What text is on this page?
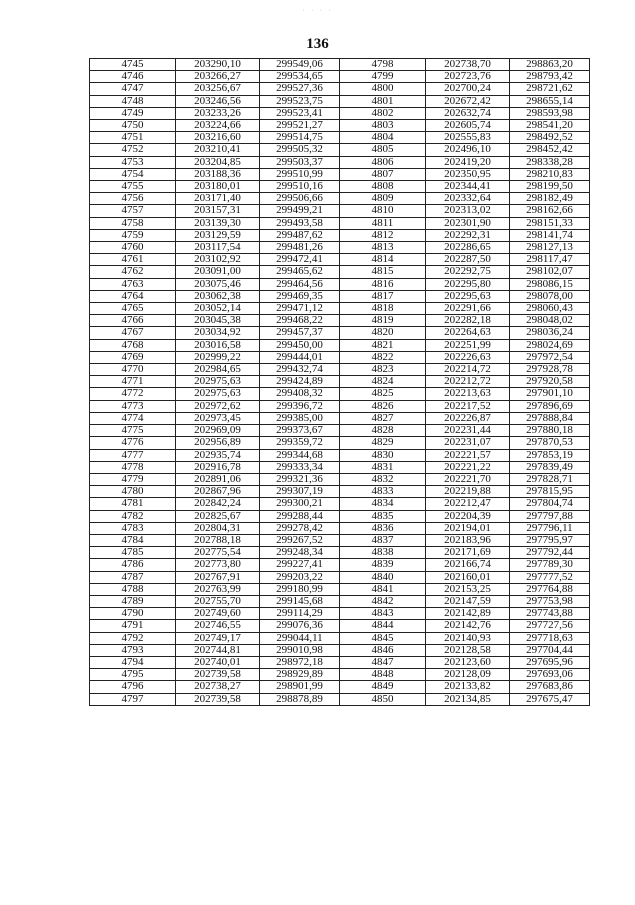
· · · ·
136
4745	203290,10	299549,06	4798	202738,70	298863,20
4746	203266,27	299534,65	4799	202723,76	298793,42
4747	203256,67	299527,36	4800	202700,24	298721,62
4748	203246,56	299523,75	4801	202672,42	298655,14
4749	203233,26	299523,41	4802	202632,74	298593,98
4750	203224,66	299521,27	4803	202605,74	298541,20
4751	203216,60	299514,75	4804	202555,83	298492,52
4752	203210,41	299505,32	4805	202496,10	298452,42
4753	203204,85	299503,37	4806	202419,20	298338,28
4754	203188,36	299510,99	4807	202350,95	298210,83
4755	203180,01	299510,16	4808	202344,41	298199,50
4756	203171,40	299506,66	4809	202332,64	298182,49
4757	203157,31	299499,21	4810	202313,02	298162,66
4758	203139,30	299493,58	4811	202301,90	298151,33
4759	203129,59	299487,62	4812	202292,31	298141,74
4760	203117,54	299481,26	4813	202286,65	298127,13
4761	203102,92	299472,41	4814	202287,50	298117,47
4762	203091,00	299465,62	4815	202292,75	298102,07
4763	203075,46	299464,56	4816	202295,80	298086,15
4764	203062,38	299469,35	4817	202295,63	298078,00
4765	203052,14	299471,12	4818	202291,66	298060,43
4766	203045,38	299468,22	4819	202282,18	298048,02
4767	203034,92	299457,37	4820	202264,63	298036,24
4768	203016,58	299450,00	4821	202251,99	298024,69
4769	202999,22	299444,01	4822	202226,63	297972,54
4770	202984,65	299432,74	4823	202214,72	297928,78
4771	202975,63	299424,89	4824	202212,72	297920,58
4772	202975,63	299408,32	4825	202213,63	297901,10
4773	202972,62	299396,72	4826	202217,52	297896,69
4774	202973,45	299385,00	4827	202226,87	297888,84
4775	202969,09	299373,67	4828	202231,44	297880,18
4776	202956,89	299359,72	4829	202231,07	297870,53
4777	202935,74	299344,68	4830	202221,57	297853,19
4778	202916,78	299333,34	4831	202221,22	297839,49
4779	202891,06	299321,36	4832	202221,70	297828,71
4780	202867,96	299307,19	4833	202219,88	297815,95
4781	202842,24	299300,21	4834	202212,47	297804,74
4782	202825,67	299288,44	4835	202204,39	297797,88
4783	202804,31	299278,42	4836	202194,01	297796,11
4784	202788,18	299267,52	4837	202183,96	297795,97
4785	202775,54	299248,34	4838	202171,69	297792,44
4786	202773,80	299227,41	4839	202166,74	297789,30
4787	202767,91	299203,22	4840	202160,01	297777,52
4788	202763,99	299180,99	4841	202153,25	297764,88
4789	202755,70	299145,68	4842	202147,59	297753,98
4790	202749,60	299114,29	4843	202142,89	297743,88
4791	202746,55	299076,36	4844	202142,76	297727,56
4792	202749,17	299044,11	4845	202140,93	297718,63
4793	202744,81	299010,98	4846	202128,58	297704,44
4794	202740,01	298972,18	4847	202123,60	297695,96
4795	202739,58	298929,89	4848	202128,09	297693,06
4796	202738,27	298901,99	4849	202133,82	297683,86
4797	202739,58	298878,89	4850	202134,85	297675,47
